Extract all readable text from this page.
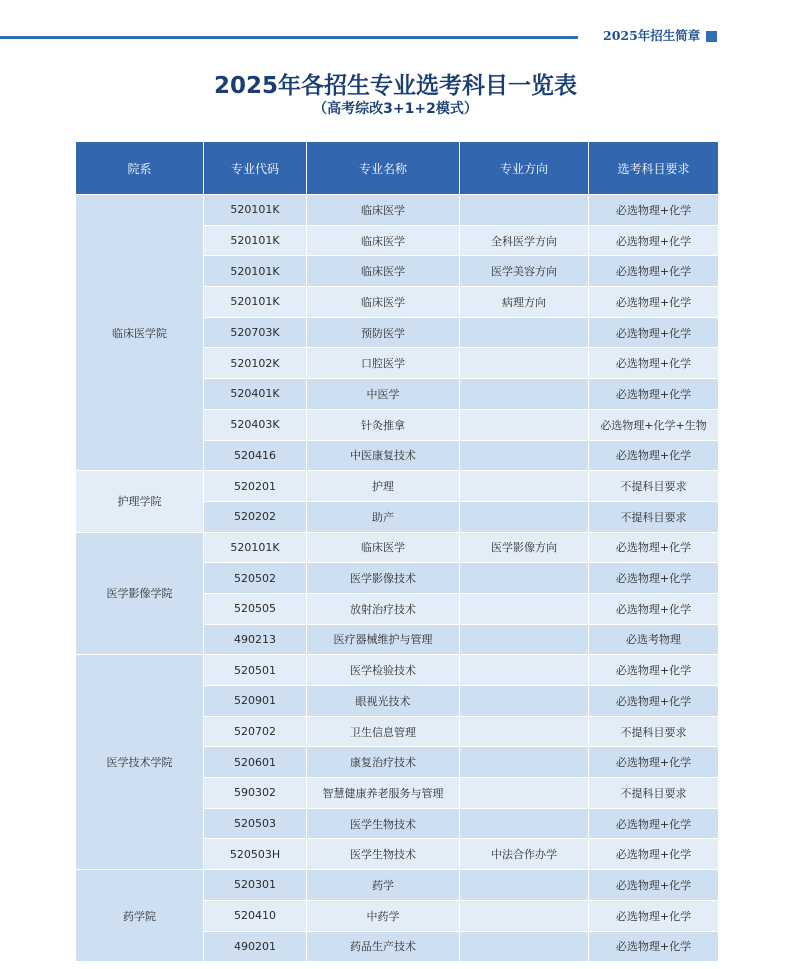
2025年招生简章
2025年各招生专业选考科目一览表
（高考综改3+1+2模式）
院系	专业代码	专业名称	专业方向	选考科目要求
临床医学院	520101K	临床医学		必选物理+化学
	520101K	临床医学	全科医学方向	必选物理+化学
	520101K	临床医学	医学美容方向	必选物理+化学
	520101K	临床医学	病理方向	必选物理+化学
	520703K	预防医学		必选物理+化学
	520102K	口腔医学		必选物理+化学
	520401K	中医学		必选物理+化学
	520403K	针灸推拿		必选物理+化学+生物
	520416	中医康复技术		必选物理+化学
护理学院	520201	护理		不提科目要求
	520202	助产		不提科目要求
医学影像学院	520101K	临床医学	医学影像方向	必选物理+化学
	520502	医学影像技术		必选物理+化学
	520505	放射治疗技术		必选物理+化学
	490213	医疗器械维护与管理		必选考物理
医学技术学院	520501	医学检验技术		必选物理+化学
	520901	眼视光技术		必选物理+化学
	520702	卫生信息管理		不提科目要求
	520601	康复治疗技术		必选物理+化学
	590302	智慧健康养老服务与管理		不提科目要求
	520503	医学生物技术		必选物理+化学
	520503H	医学生物技术	中法合作办学	必选物理+化学
药学院	520301	药学		必选物理+化学
	520410	中药学		必选物理+化学
	490201	药品生产技术		必选物理+化学
